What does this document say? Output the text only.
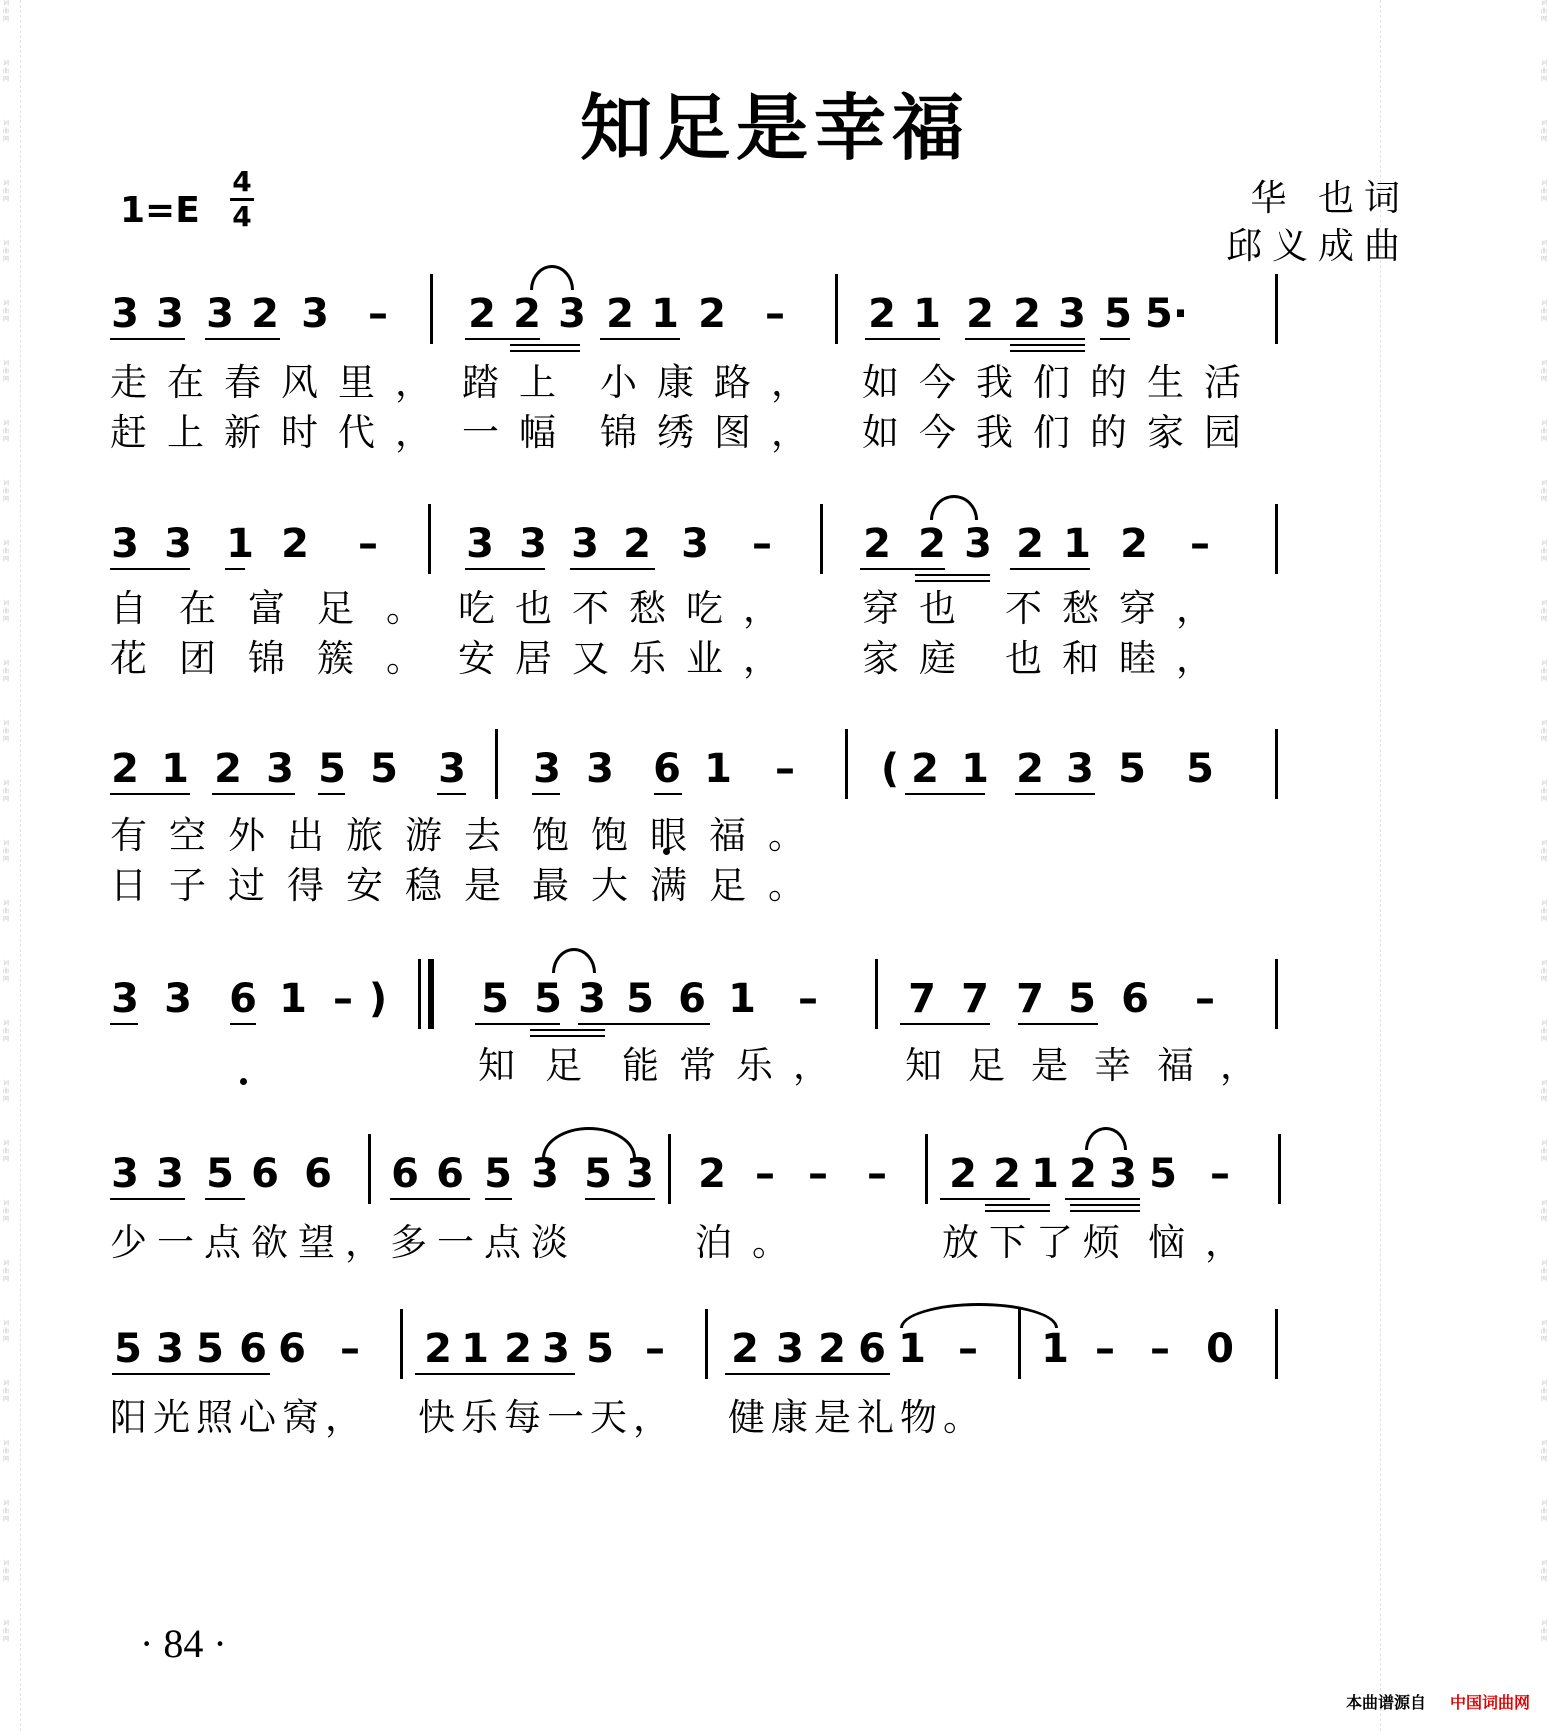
词曲网
词曲网
词曲网
词曲网
词曲网
词曲网
词曲网
词曲网
词曲网
词曲网
词曲网
词曲网
词曲网
词曲网
词曲网
词曲网
词曲网
词曲网
词曲网
词曲网
词曲网
词曲网
词曲网
词曲网
词曲网
词曲网
词曲网
词曲网
词曲网
词曲网
词曲网
词曲网
词曲网
词曲网
词曲网
词曲网
词曲网
词曲网
词曲网
词曲网
词曲网
词曲网
词曲网
词曲网
词曲网
词曲网
词曲网
词曲网
词曲网
词曲网
词曲网
词曲网
词曲网
词曲网
词曲网
词曲网
知足是幸福
1=E
4
4	华 也词
邱义成曲
3 3 3 2 3 – 2 2 3 2 1 2 – 2 1 2 2 3 5 5·
3 3 1 2 – 3 3 3 2 3 – 2 2 3 2 1 2 –
2 1 2 3 5 5 3 3 3 6 1 – ( 2 1 2 3 5 5
3 3 6 1 – ) 5 5 3 5 6 1 – 7 7 7 5 6 –
3 3 5 6 6 6 6 5 3 5 3 2 – – – 2 2 1 2 3 5 –
5 3 5 6 6 – 2 1 2 3 5 – 2 3 2 6 1 – 1 – – 0
走在春风里， 踏上 小康路， 如今我们的生活
赶上新时代， 一幅 锦绣图， 如今我们的家园
自在富足。 吃也不愁吃， 穿也 不愁穿，
花团锦簇。 安居又乐业， 家庭 也和睦，
有空外出旅游去 饱饱眼福。
日子过得安稳是 最大满足。
知足 能常乐， 知足是幸福，
少一点欲望，
多一点淡	泊。	放下了烦 恼，
阳光照心窝， 快乐每一天， 健康是礼物。
· 84 ·
本曲谱源自 中国词曲网
